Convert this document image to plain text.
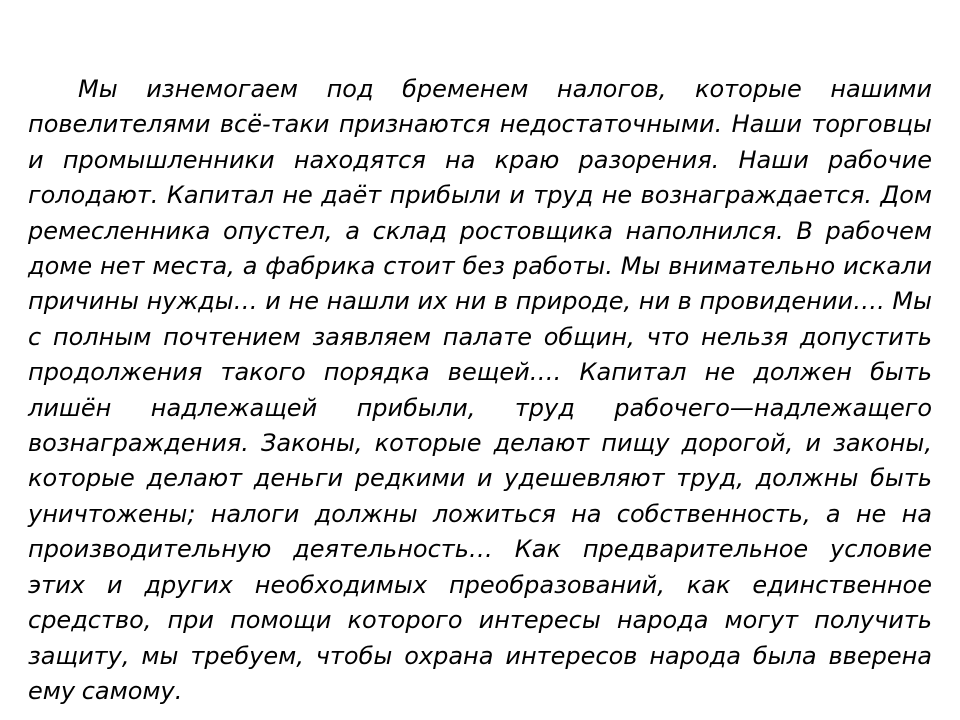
Мы изнемогаем под бременем налогов, которые нашими повелителями всё-таки признаются недостаточными. Наши торговцы и промышленники находятся на краю разорения. Наши рабочие голодают. Капитал не даёт прибыли и труд не вознаграждается. Дом ремесленника опустел, а склад ростовщика наполнился. В рабочем доме нет места, а фабрика стоит без работы. Мы внимательно искали причины нужды… и не нашли их ни в природе, ни в провидении…. Мы с полным почтением заявляем палате общин, что нельзя допустить продолжения такого порядка вещей…. Капитал не должен быть лишён надлежащей прибыли, труд рабочего—надлежащего вознаграждения. Законы, которые делают пищу дорогой, и законы, которые делают деньги редкими и удешевляют труд, должны быть уничтожены; налоги должны ложиться на собственность, а не на производительную деятельность… Как предварительное условие этих и других необходимых преобразований, как единственное средство, при помощи которого интересы народа могут получить защиту, мы требуем, чтобы охрана интересов народа была вверена ему самому.
